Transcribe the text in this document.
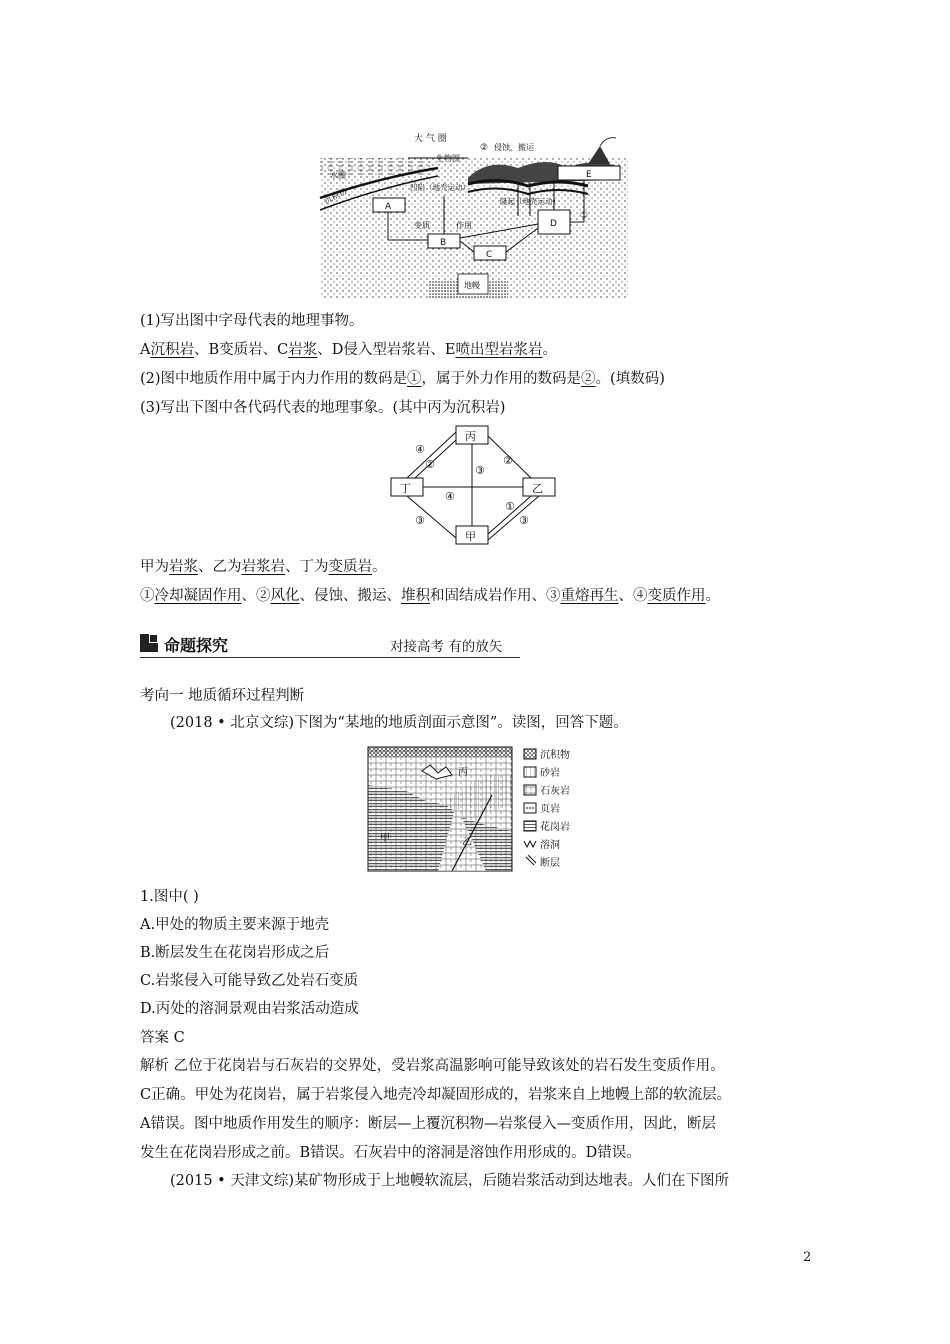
大 气 圈
② 侵蚀、搬运
生物圈
水圈
沉积物	凹陷（地壳运动）
隆起（地壳运动）
变质	作用
①
地幔
A
B
C
D
E
(1)写出图中字母代表的地理事物。
A沉积岩、B变质岩、C岩浆、D侵入型岩浆岩、E喷出型岩浆岩。
(2)图中地质作用中属于内力作用的数码是①，属于外力作用的数码是②。(填数码)
(3)写出下图中各代码代表的地理事象。(其中丙为沉积岩)
丙
丁	乙
甲
④
②	③
②
④
③
①
③
甲为岩浆、乙为岩浆岩、丁为变质岩。
①冷却凝固作用、②风化、侵蚀、搬运、堆积和固结成岩作用、③重熔再生、④变质作用。
命题探究	对接高考 有的放矢
考向一 地质循环过程判断
(2018 • 北京文综)下图为“某地的地质剖面示意图”。读图，回答下题。
丙
甲	乙
沉积物
砂岩
石灰岩
页岩
花岗岩
溶洞
断层
1.图中( )
A.甲处的物质主要来源于地壳
B.断层发生在花岗岩形成之后
C.岩浆侵入可能导致乙处岩石变质
D.丙处的溶洞景观由岩浆活动造成
答案 C
解析 乙位于花岗岩与石灰岩的交界处，受岩浆高温影响可能导致该处的岩石发生变质作用。
C正确。甲处为花岗岩，属于岩浆侵入地壳冷却凝固形成的，岩浆来自上地幔上部的软流层。
A错误。图中地质作用发生的顺序：断层—上覆沉积物—岩浆侵入—变质作用，因此，断层
发生在花岗岩形成之前。B错误。石灰岩中的溶洞是溶蚀作用形成的。D错误。
(2015 • 天津文综)某矿物形成于上地幔软流层，后随岩浆活动到达地表。人们在下图所
2
